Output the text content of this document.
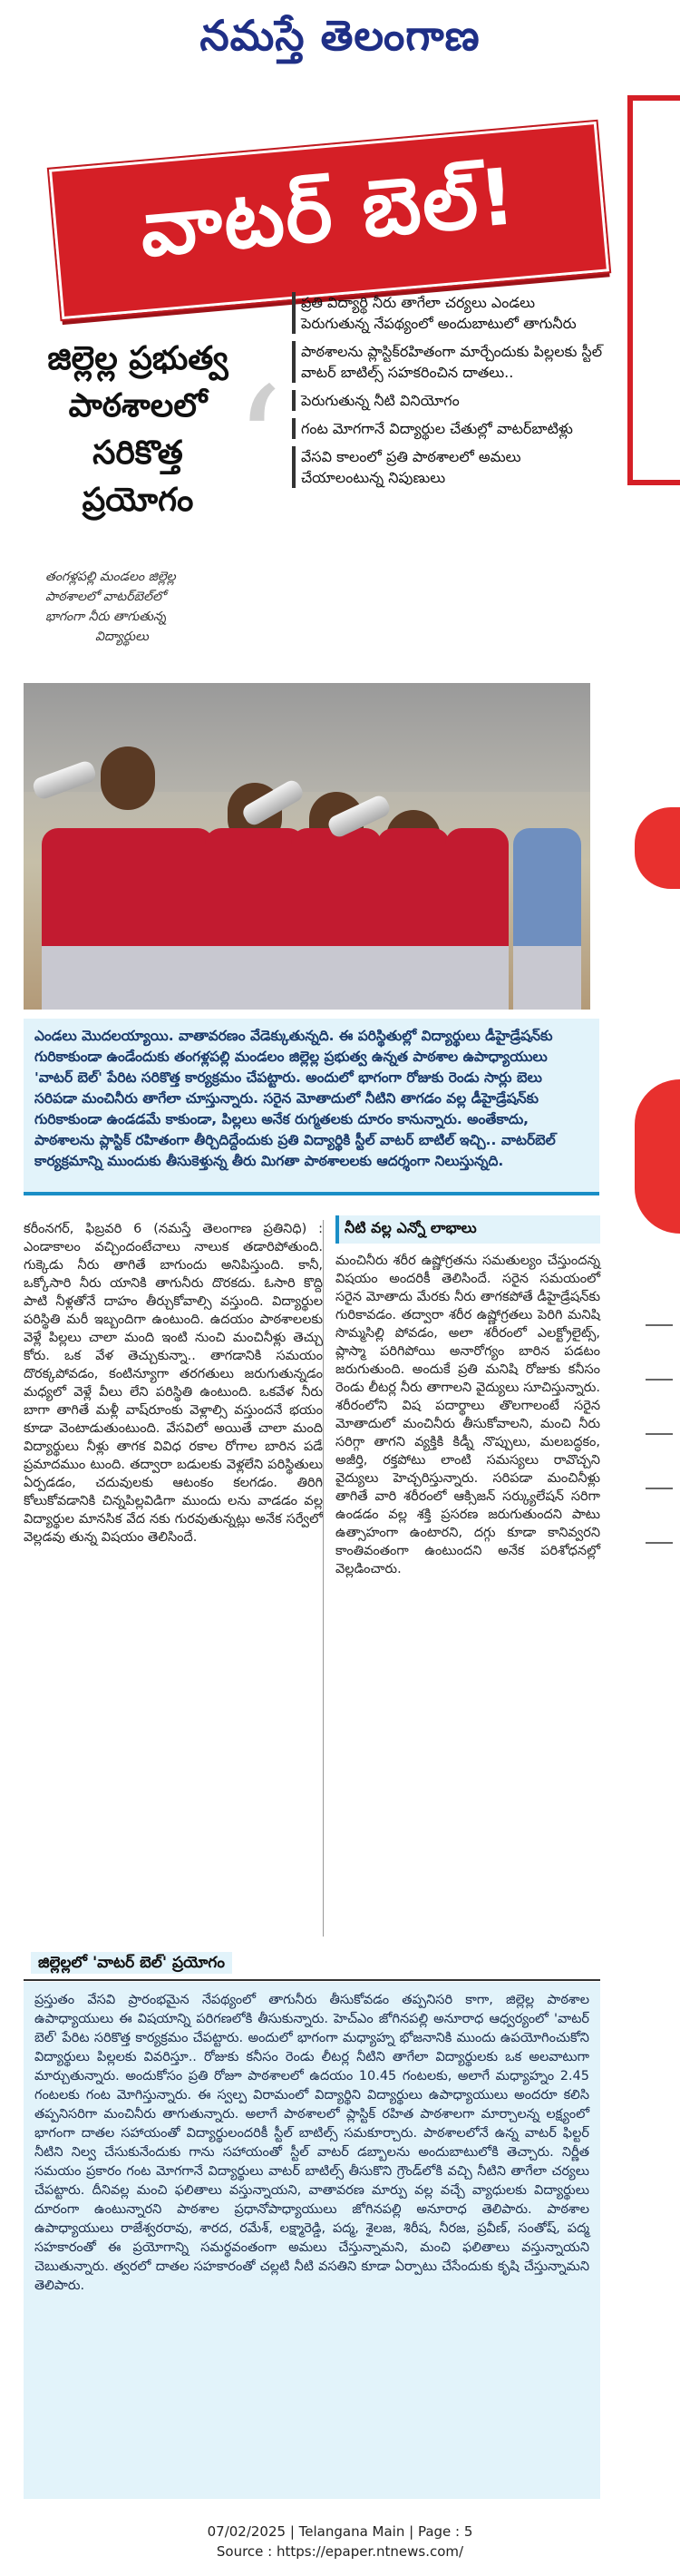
నమస్తే తెలంగాణ
వాటర్ బెల్!
జిల్లెల్ల ప్రభుత్వ
పాఠశాలలో
సరికొత్త
ప్రయోగం ‘
తంగళ్లపల్లి మండలం జిల్లెల్ల
పాఠశాలలో వాటర్‌బెల్‌లో
భాగంగా నీరు తాగుతున్న
విద్యార్థులు
ప్రతి విద్యార్థి నీరు తాగేలా చర్యలు ఎండలు పెరుగుతున్న నేపథ్యంలో అందుబాటులో తాగునీరు
పాఠశాలను ప్లాస్టిక్‌రహితంగా మార్చేందుకు పిల్లలకు స్టీల్ వాటర్ బాటిల్స్ సహకరించిన దాతలు..
పెరుగుతున్న నీటి వినియోగం
గంట మోగగానే విద్యార్థుల చేతుల్లో వాటర్‌బాటిళ్లు
వేసవి కాలంలో ప్రతి పాఠశాలలో అమలు చేయాలంటున్న నిపుణులు
ఎండలు మొదలయ్యాయి. వాతావరణం వేడెక్కుతున్నది. ఈ పరిస్థితుల్లో విద్యార్థులు డీహైడ్రేషన్‌కు గురికాకుండా ఉండేందుకు తంగళ్లపల్లి మండలం జిల్లెల్ల ప్రభుత్వ ఉన్నత పాఠశాల ఉపాధ్యాయులు 'వాటర్ బెల్' పేరిట సరికొత్త కార్యక్రమం చేపట్టారు. అందులో భాగంగా రోజుకు రెండు సార్లు బెలు సరిపడా మంచినీరు తాగేలా చూస్తున్నారు. సరైన మోతాదులో నీటిని తాగడం వల్ల డీహైడ్రేషన్‌కు గురికాకుండా ఉండడమే కాకుండా, పిల్లలు అనేక రుగ్మతలకు దూరం కానున్నారు. అంతేకాదు, పాఠశాలను ప్లాస్టిక్ రహితంగా తీర్చిదిద్దేందుకు ప్రతి విద్యార్థికి స్టీల్ వాటర్ బాటిల్ ఇచ్చి.. వాటర్‌బెల్ కార్యక్రమాన్ని ముందుకు తీసుకెళ్తున్న తీరు మిగతా పాఠశాలలకు ఆదర్శంగా నిలుస్తున్నది.

కరీంనగర్, ఫిబ్రవరి 6 (నమస్తే తెలంగాణ ప్రతినిధి) : ఎండాకాలం వచ్చిందంటేచాలు నాలుక తడారిపోతుంది. గుక్కెడు నీరు తాగితే బాగుందు అనిపిస్తుంది. కానీ, ఒక్కోసారి నీరు యానికి తాగునీరు దొరకదు. ఓసారి కొద్ది పాటి నీళ్లతోనే దాహం తీర్చుకోవాల్సి వస్తుంది. విద్యార్థుల పరిస్థితి మరీ ఇబ్బందిగా ఉంటుంది. ఉదయం పాఠశాలలకు వెళ్లే పిల్లలు చాలా మంది ఇంటి నుంచి మంచినీళ్లు తెచ్చు కోరు. ఒక వేళ తెచ్చుకున్నా.. తాగడానికి సమయం దొరక్కపోవడం, కంటిన్యూగా తరగతులు జరుగుతున్నడం మధ్యలో వెళ్లే వీలు లేని పరిస్థితి ఉంటుంది. ఒకవేళ నీరు బాగా తాగితే మళ్లీ వాష్‌రూంకు వెళ్లాల్సి వస్తుందనే భయం కూడా వెంటాడుతుంటుంది. వేసవిలో అయితే చాలా మంది విద్యార్థులు నీళ్లు తాగక వివిధ రకాల రోగాల బారిన పడే ప్రమాదముం టుంది. తద్వారా బడులకు వెళ్లలేని పరిస్థితులు ఏర్పడడం, చదువులకు ఆటంకం కలగడం. తిరిగి కోలుకోవడానికి చిన్నపిల్లవిడిగా ముందు లను వాడడం వల్ల విద్యార్థుల మానసిక వేద నకు గురవుతున్నట్లు అనేక సర్వేలో వెల్లడవు తున్న విషయం తెలిసిందే.

నీటి వల్ల ఎన్నో లాభాలు

మంచినీరు శరీర ఉష్ణోగ్రతను సమతుల్యం చేస్తుందన్న విషయం అందరికీ తెలిసిందే. సరైన సమయంలో సరైన మోతాదు మేరకు నీరు తాగకపోతే డీహైడ్రేషన్‌కు గురికావడం. తద్వారా శరీర ఉష్ణోగ్రతలు పెరిగి మనిషి సొమ్మసిల్లి పోవడం, అలా శరీరంలో ఎలక్ట్రోలైట్స్, ప్లాస్మా పరిగిపోయి అనారోగ్యం బారిన పడటం జరుగుతుంది. అందుకే ప్రతి మనిషి రోజుకు కనీసం రెండు లీటర్ల నీరు తాగాలని వైద్యులు సూచిస్తున్నారు. శరీరంలోని విష పదార్థాలు తొలగాలంటే సరైన మోతాదులో మంచినీరు తీసుకోవాలని, మంచి నీరు సరిగ్గా తాగని వ్యక్తికి కిడ్నీ నొప్పులు, మలబద్ధకం, అజీర్తి, రక్తపోటు లాంటి సమస్యలు రావొచ్చని వైద్యులు హెచ్చరిస్తున్నారు. సరిపడా మంచినీళ్లు తాగితే వారి శరీరంలో ఆక్సిజన్ సర్క్యులేషన్ సరిగా ఉండడం వల్ల శక్తి ప్రసరణ జరుగుతుందని పాటు ఉత్సాహంగా ఉంటారని, దగ్గు కూడా కానివ్వరని కాంతివంతంగా ఉంటుందని అనేక పరిశోధనల్లో వెల్లడించారు.

జిల్లెల్లలో 'వాటర్ బెల్' ప్రయోగం

ప్రస్తుతం వేసవి ప్రారంభమైన నేపథ్యంలో తాగునీరు తీసుకోవడం తప్పనిసరి కాగా, జిల్లెల్ల పాఠశాల ఉపాధ్యాయులు ఈ విషయాన్ని పరిగణలోకి తీసుకున్నారు. హెచ్‌ఎం జోగినపల్లి అనూరాధ ఆధ్వర్యంలో 'వాటర్ బెల్' పేరిట సరికొత్త కార్యక్రమం చేపట్టారు. అందులో భాగంగా మధ్యాహ్న భోజనానికి ముందు ఉపయోగించుకోని విద్యార్థులు పిల్లలకు వివరిస్తూ.. రోజుకు కనీసం రెండు లీటర్ల నీటిని తాగేలా విద్యార్థులకు ఒక అలవాటుగా మార్చుతున్నారు. అందుకోసం ప్రతి రోజూ పాఠశాలలో ఉదయం 10.45 గంటలకు, అలాగే మధ్యాహ్నం 2.45 గంటలకు గంట మోగిస్తున్నారు. ఈ స్వల్ప విరామంలో విద్యార్థిని విద్యార్థులు ఉపాధ్యాయులు అందరూ కలిసి తప్పనిసరిగా మంచినీరు తాగుతున్నారు. అలాగే పాఠశాలలో ప్లాస్టిక్ రహిత పాఠశాలగా మార్చాలన్న లక్ష్యంలో భాగంగా దాతల సహాయంతో విద్యార్థులందరికీ స్టీల్ బాటిల్స్ సమకూర్చారు. పాఠశాలలోనే ఉన్న వాటర్ ఫిల్టర్ నీటిని నిల్వ చేసుకునేందుకు గాను సహాయంతో స్టీల్ వాటర్ డబ్బాలను అందుబాటులోకి తెచ్చారు. నిర్ణీత సమయం ప్రకారం గంట మోగగానే విద్యార్థులు వాటర్ బాటిల్స్ తీసుకొని గ్రౌండ్‌లోకి వచ్చి నీటిని తాగేలా చర్యలు చేపట్టారు. దీనివల్ల మంచి ఫలితాలు వస్తున్నాయని, వాతావరణ మార్పు వల్ల వచ్చే వ్యాధులకు విద్యార్థులు దూరంగా ఉంటున్నారని పాఠశాల ప్రధానోపాధ్యాయులు జోగినపల్లి అనూరాధ తెలిపారు. పాఠశాల ఉపాధ్యాయులు రాజేశ్వరరావు, శారద, రమేశ్, లక్ష్మారెడ్డి, పద్మ, శైలజ, శిరీష, నీరజ, ప్రవీణ్, సంతోష్, పద్మ సహకారంతో ఈ ప్రయోగాన్ని సమర్థవంతంగా అమలు చేస్తున్నామని, మంచి ఫలితాలు వస్తున్నాయని చెబుతున్నారు. త్వరలో దాతల సహకారంతో చల్లటి నీటి వసతిని కూడా ఏర్పాటు చేసేందుకు కృషి చేస్తున్నామని తెలిపారు.

07/02/2025 | Telangana Main | Page : 5
Source : https://epaper.ntnews.com/
